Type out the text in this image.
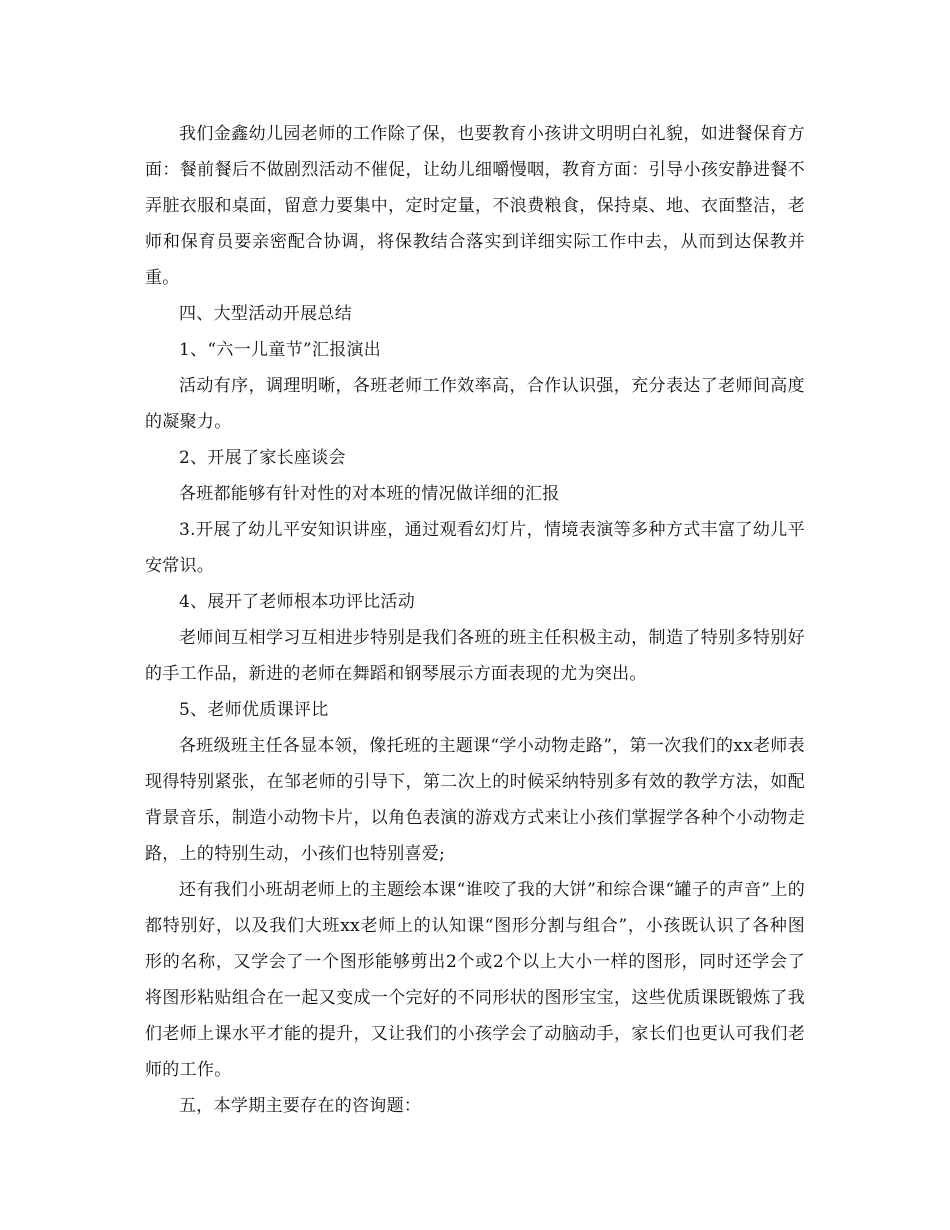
我们金鑫幼儿园老师的工作除了保，也要教育小孩讲文明明白礼貌，如进餐保育方面：餐前餐后不做剧烈活动不催促，让幼儿细嚼慢咽，教育方面：引导小孩安静进餐不弄脏衣服和桌面，留意力要集中，定时定量，不浪费粮食，保持桌、地、衣面整洁，老师和保育员要亲密配合协调，将保教结合落实到详细实际工作中去，从而到达保教并重。

四、大型活动开展总结

1、“六一儿童节”汇报演出

活动有序，调理明晰，各班老师工作效率高，合作认识强，充分表达了老师间高度的凝聚力。

2、开展了家长座谈会

各班都能够有针对性的对本班的情况做详细的汇报

3.开展了幼儿平安知识讲座，通过观看幻灯片，情境表演等多种方式丰富了幼儿平安常识。

4、展开了老师根本功评比活动

老师间互相学习互相进步特别是我们各班的班主任积极主动，制造了特别多特别好的手工作品，新进的老师在舞蹈和钢琴展示方面表现的尤为突出。

5、老师优质课评比

各班级班主任各显本领，像托班的主题课“学小动物走路”，第一次我们的xx老师表现得特别紧张，在邹老师的引导下，第二次上的时候采纳特别多有效的教学方法，如配背景音乐，制造小动物卡片，以角色表演的游戏方式来让小孩们掌握学各种个小动物走路，上的特别生动，小孩们也特别喜爱;

还有我们小班胡老师上的主题绘本课“谁咬了我的大饼”和综合课“罐子的声音”上的都特别好，以及我们大班xx老师上的认知课“图形分割与组合”，小孩既认识了各种图形的名称，又学会了一个图形能够剪出2个或2个以上大小一样的图形，同时还学会了将图形粘贴组合在一起又变成一个完好的不同形状的图形宝宝，这些优质课既锻炼了我们老师上课水平才能的提升，又让我们的小孩学会了动脑动手，家长们也更认可我们老师的工作。

五，本学期主要存在的咨询题：
